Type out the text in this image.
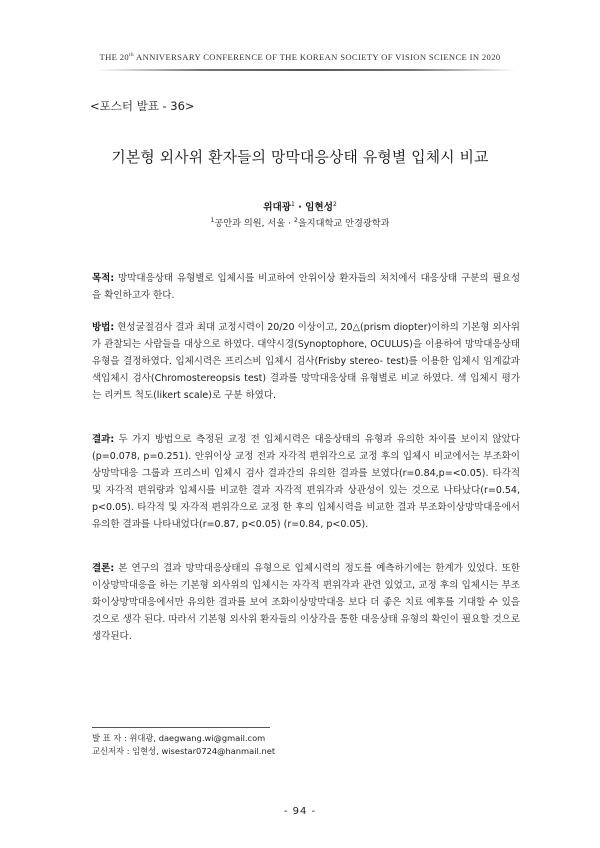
THE 20th ANNIVERSARY CONFERENCE OF THE KOREAN SOCIETY OF VISION SCIENCE IN 2020
<포스터 발표 - 36>
기본형 외사위 환자들의 망막대응상태 유형별 입체시 비교
위대광$^1$ · 임현성$^2$
$^1$공안과 의원, 서울 · $^2$을지대학교 안경광학과

목적: 망막대응상태 유형별로 입체시를 비교하여 안위이상 환자들의 처치에서 대응상태 구분의 필요성을 확인하고자 한다.

방법: 현성굴절검사 결과 최대 교정시력이 20/20 이상이고, 20△(prism diopter)이하의 기본형 외사위가 관찰되는 사람들을 대상으로 하였다. 대약시경(Synoptophore, OCULUS)을 이용하여 망막대응상태 유형을 결정하였다. 입체시력은 프리스비 입체시 검사(Frisby stereo- test)를 이용한 입체시 임계값과 색입체시 검사(Chromostereopsis test) 결과를 망막대응상태 유형별로 비교 하였다. 색 입체시 평가는 리커트 척도(likert scale)로 구분 하였다.

결과: 두 가지 방법으로 측정된 교정 전 입체시력은 대응상태의 유형과 유의한 차이를 보이지 않았다(p=0.078, p=0.251). 안위이상 교정 전과 자각적 편위각으로 교정 후의 입체시 비교에서는 부조화이상망막대응 그룹과 프리스비 입체시 검사 결과간의 유의한 결과를 보였다(r=0.84,p=<0.05). 타각적 및 자각적 편위량과 입체시를 비교한 결과 자각적 편위각과 상관성이 있는 것으로 나타났다(r=0.54, p<0.05). 타각적 및 자각적 편위각으로 교정 한 후의 입체시력을 비교한 결과 부조화이상망막대응에서 유의한 결과를 나타내었다(r=0.87, p<0.05) (r=0.84, p<0.05).

결론: 본 연구의 결과 망막대응상태의 유형으로 입체시력의 정도를 예측하기에는 한계가 있었다. 또한 이상망막대응을 하는 기본형 외사위의 입체시는 자각적 편위각과 관련 있었고, 교정 후의 입체시는 부조화이상망막대응에서만 유의한 결과를 보여 조화이상망막대응 보다 더 좋은 치료 예후를 기대할 수 있을 것으로 생각 된다. 따라서 기본형 외사위 환자들의 이상각을 통한 대응상태 유형의 확인이 필요할 것으로 생각된다.

발 표 자 : 위대광, daegwang.wi@gmail.com
교신저자 : 임현성, wisestar0724@hanmail.net
- 94 -
